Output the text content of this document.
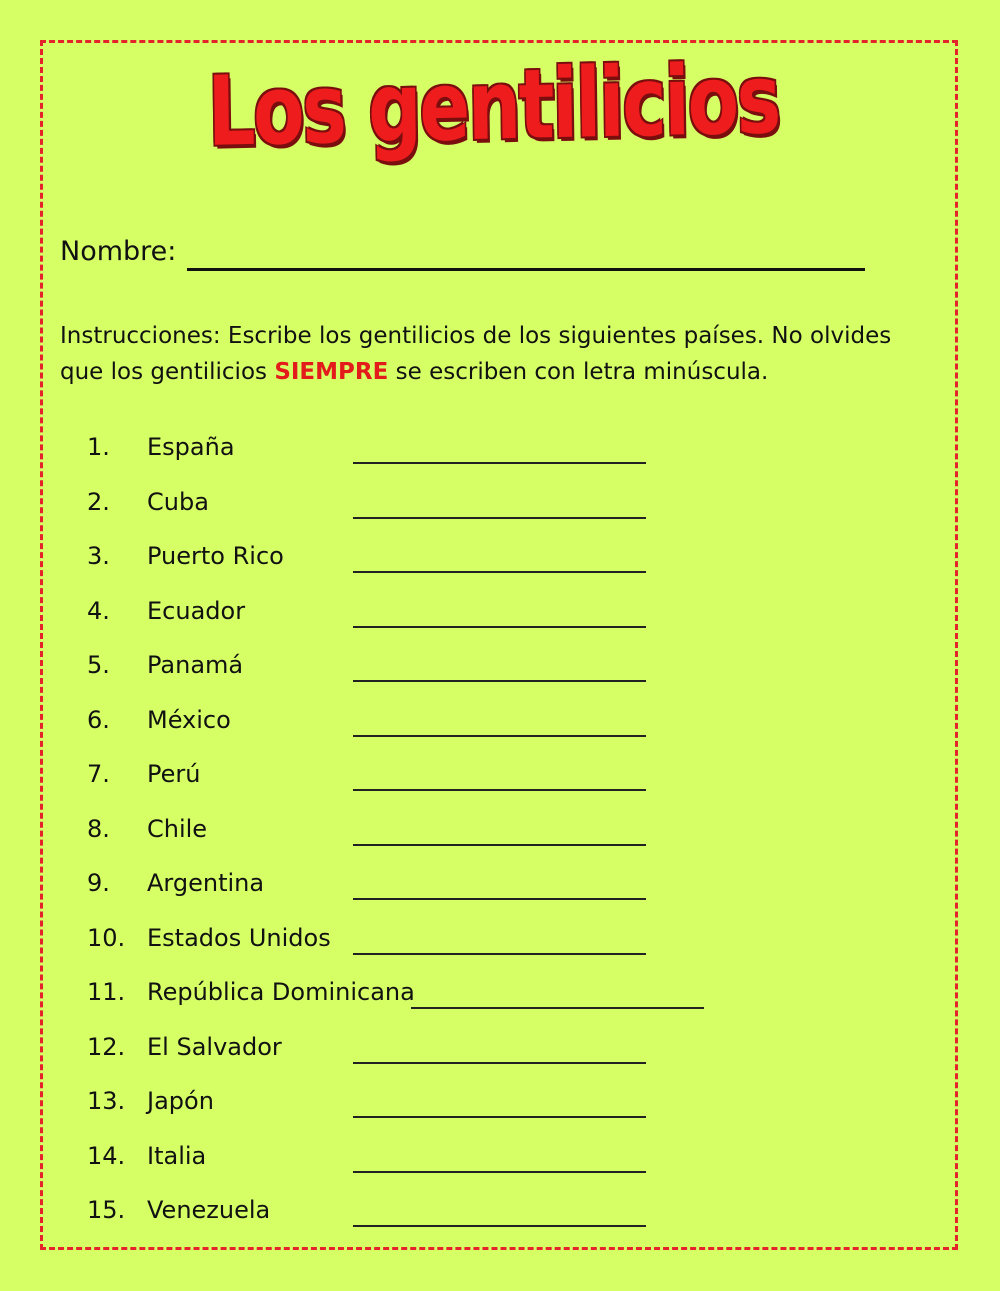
Los gentilicios
Nombre:
Instrucciones: Escribe los gentilicios de los siguientes países. No olvides que los gentilicios SIEMPRE se escriben con letra minúscula.
1. España
2. Cuba
3. Puerto Rico
4. Ecuador
5. Panamá
6. México
7. Perú
8. Chile
9. Argentina
10. Estados Unidos
11. República Dominicana
12. El Salvador
13. Japón
14. Italia
15. Venezuela
